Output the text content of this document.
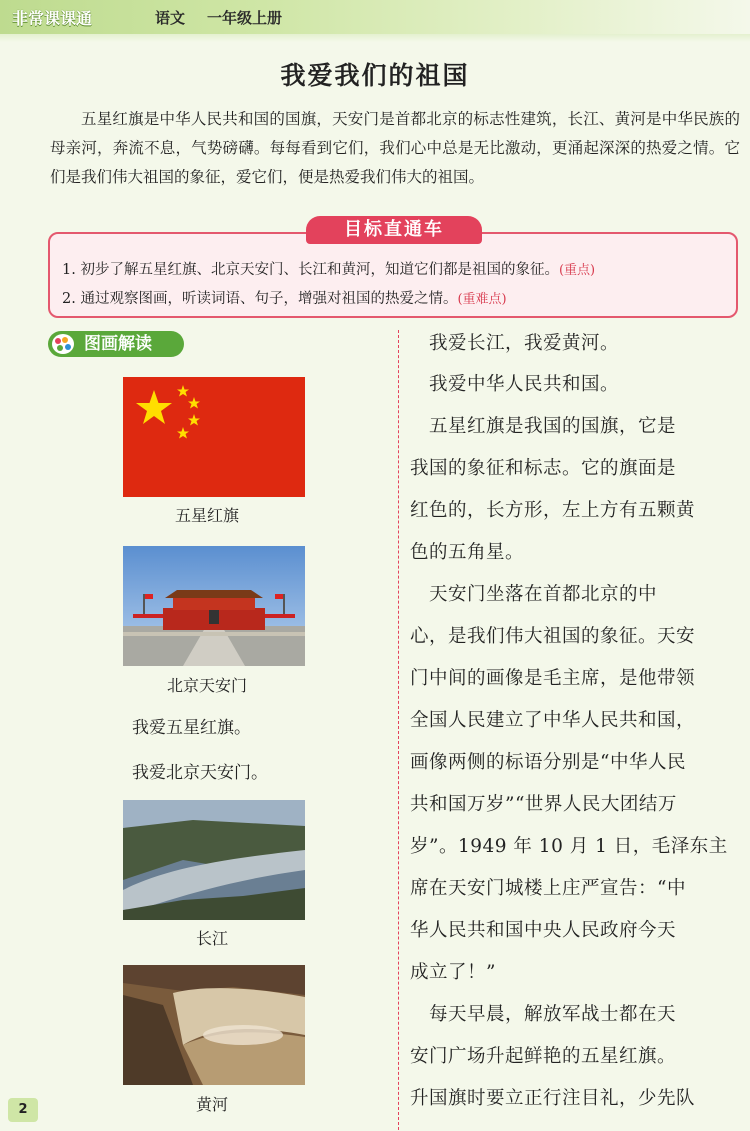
非常课课通	语文 一年级上册
我爱我们的祖国
五星红旗是中华人民共和国的国旗，天安门是首都北京的标志性建筑，长江、黄河是中华民族的母亲河，奔流不息，气势磅礴。每每看到它们，我们心中总是无比激动，更涌起深深的热爱之情。它们是我们伟大祖国的象征，爱它们，便是热爱我们伟大的祖国。
目标直通车
1. 初步了解五星红旗、北京天安门、长江和黄河，知道它们都是祖国的象征。(重点)
2. 通过观察图画，听读词语、句子，增强对祖国的热爱之情。(重难点)
图画解读
五星红旗
北京天安门
我爱五星红旗。
我爱北京天安门。
长江
黄河
　我爱长江，我爱黄河。
　我爱中华人民共和国。
　五星红旗是我国的国旗，它是
我国的象征和标志。它的旗面是
红色的，长方形，左上方有五颗黄
色的五角星。
　天安门坐落在首都北京的中
心，是我们伟大祖国的象征。天安
门中间的画像是毛主席，是他带领
全国人民建立了中华人民共和国，
画像两侧的标语分别是“中华人民
共和国万岁”“世界人民大团结万
岁”。1949 年 10 月 1 日，毛泽东主
席在天安门城楼上庄严宣告：“中
华人民共和国中央人民政府今天
成立了！”
　每天早晨，解放军战士都在天
安门广场升起鲜艳的五星红旗。
升国旗时要立正行注目礼，少先队
2
